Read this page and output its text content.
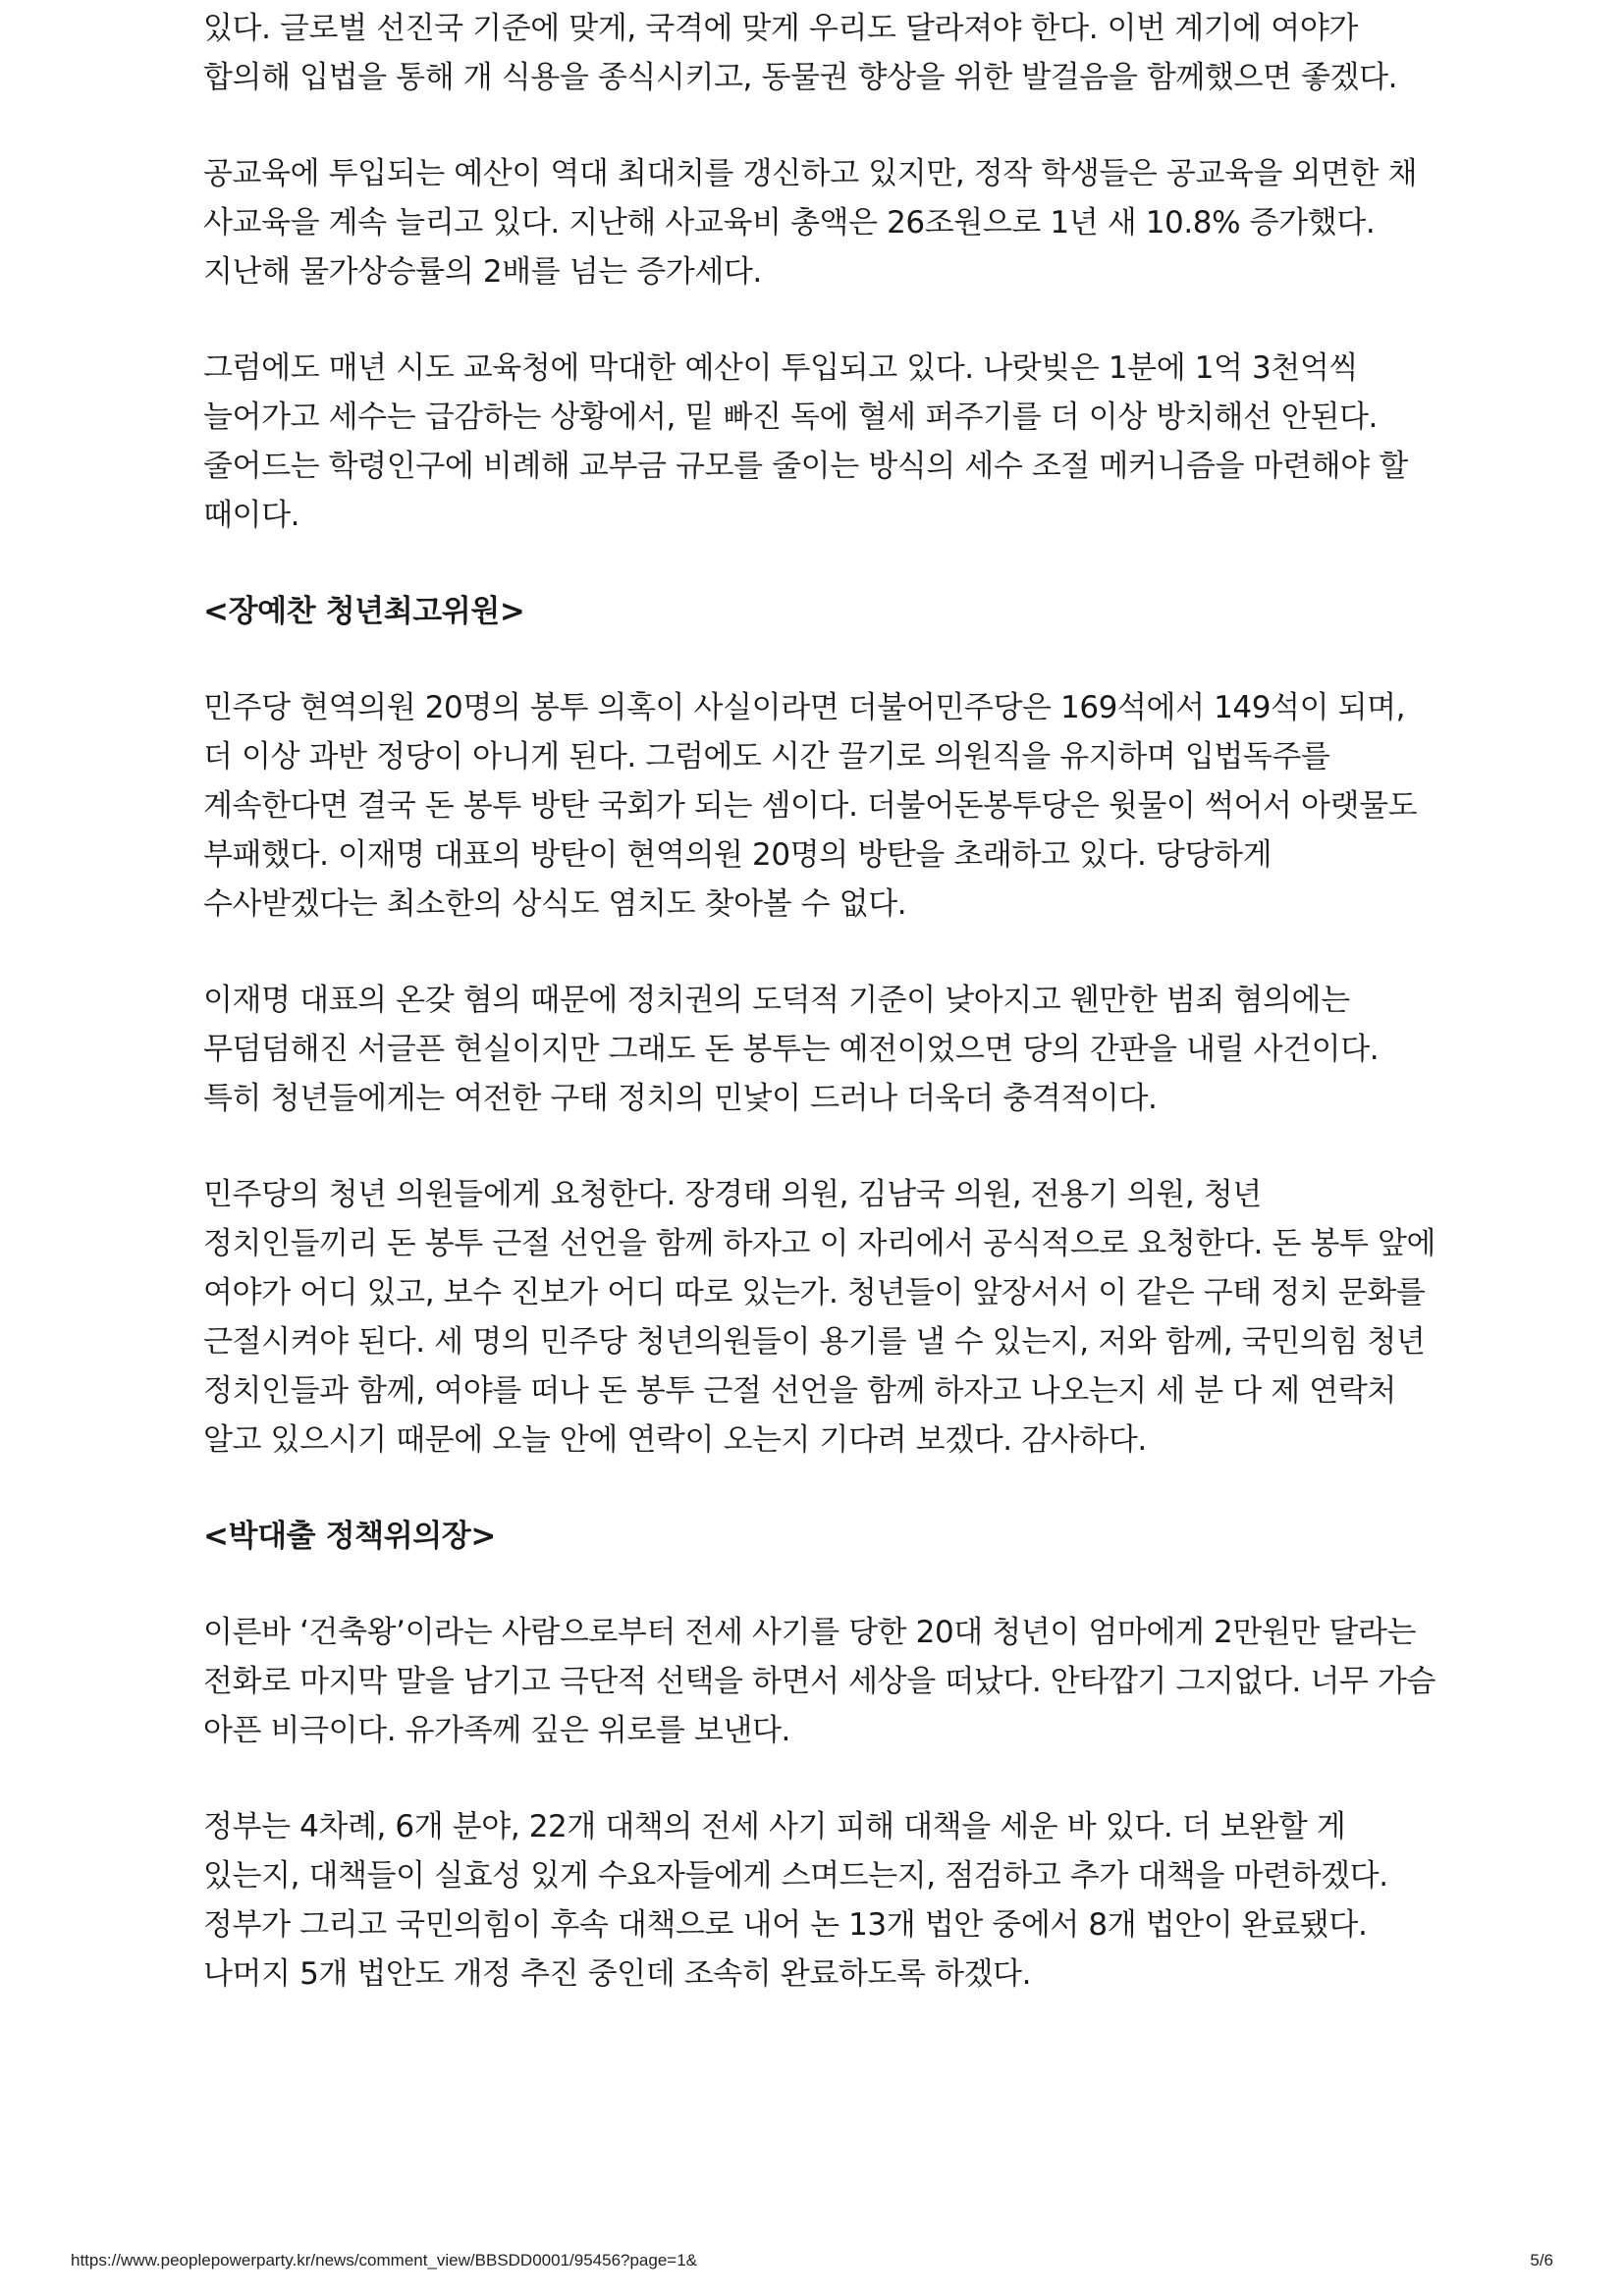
있다. 글로벌 선진국 기준에 맞게, 국격에 맞게 우리도 달라져야 한다. 이번 계기에 여야가 합의해 입법을 통해 개 식용을 종식시키고, 동물권 향상을 위한 발걸음을 함께했으면 좋겠다.

공교육에 투입되는 예산이 역대 최대치를 갱신하고 있지만, 정작 학생들은 공교육을 외면한 채 사교육을 계속 늘리고 있다. 지난해 사교육비 총액은 26조원으로 1년 새 10.8% 증가했다. 지난해 물가상승률의 2배를 넘는 증가세다.

그럼에도 매년 시도 교육청에 막대한 예산이 투입되고 있다. 나랏빚은 1분에 1억 3천억씩 늘어가고 세수는 급감하는 상황에서, 밑 빠진 독에 혈세 퍼주기를 더 이상 방치해선 안된다. 줄어드는 학령인구에 비례해 교부금 규모를 줄이는 방식의 세수 조절 메커니즘을 마련해야 할 때이다.

<장예찬 청년최고위원>

민주당 현역의원 20명의 봉투 의혹이 사실이라면 더불어민주당은 169석에서 149석이 되며, 더 이상 과반 정당이 아니게 된다. 그럼에도 시간 끌기로 의원직을 유지하며 입법독주를 계속한다면 결국 돈 봉투 방탄 국회가 되는 셈이다. 더불어돈봉투당은 윗물이 썩어서 아랫물도 부패했다. 이재명 대표의 방탄이 현역의원 20명의 방탄을 초래하고 있다. 당당하게 수사받겠다는 최소한의 상식도 염치도 찾아볼 수 없다.

이재명 대표의 온갖 혐의 때문에 정치권의 도덕적 기준이 낮아지고 웬만한 범죄 혐의에는 무덤덤해진 서글픈 현실이지만 그래도 돈 봉투는 예전이었으면 당의 간판을 내릴 사건이다. 특히 청년들에게는 여전한 구태 정치의 민낯이 드러나 더욱더 충격적이다.

민주당의 청년 의원들에게 요청한다. 장경태 의원, 김남국 의원, 전용기 의원, 청년 정치인들끼리 돈 봉투 근절 선언을 함께 하자고 이 자리에서 공식적으로 요청한다. 돈 봉투 앞에 여야가 어디 있고, 보수 진보가 어디 따로 있는가. 청년들이 앞장서서 이 같은 구태 정치 문화를 근절시켜야 된다. 세 명의 민주당 청년의원들이 용기를 낼 수 있는지, 저와 함께, 국민의힘 청년 정치인들과 함께, 여야를 떠나 돈 봉투 근절 선언을 함께 하자고 나오는지 세 분 다 제 연락처 알고 있으시기 때문에 오늘 안에 연락이 오는지 기다려 보겠다. 감사하다.

<박대출 정책위의장>

이른바 ‘건축왕’이라는 사람으로부터 전세 사기를 당한 20대 청년이 엄마에게 2만원만 달라는 전화로 마지막 말을 남기고 극단적 선택을 하면서 세상을 떠났다. 안타깝기 그지없다. 너무 가슴 아픈 비극이다. 유가족께 깊은 위로를 보낸다.

정부는 4차례, 6개 분야, 22개 대책의 전세 사기 피해 대책을 세운 바 있다. 더 보완할 게 있는지, 대책들이 실효성 있게 수요자들에게 스며드는지, 점검하고 추가 대책을 마련하겠다. 정부가 그리고 국민의힘이 후속 대책으로 내어 논 13개 법안 중에서 8개 법안이 완료됐다. 나머지 5개 법안도 개정 추진 중인데 조속히 완료하도록 하겠다.

https://www.peoplepowerparty.kr/news/comment_view/BBSDD0001/95456?page=1&	5/6
